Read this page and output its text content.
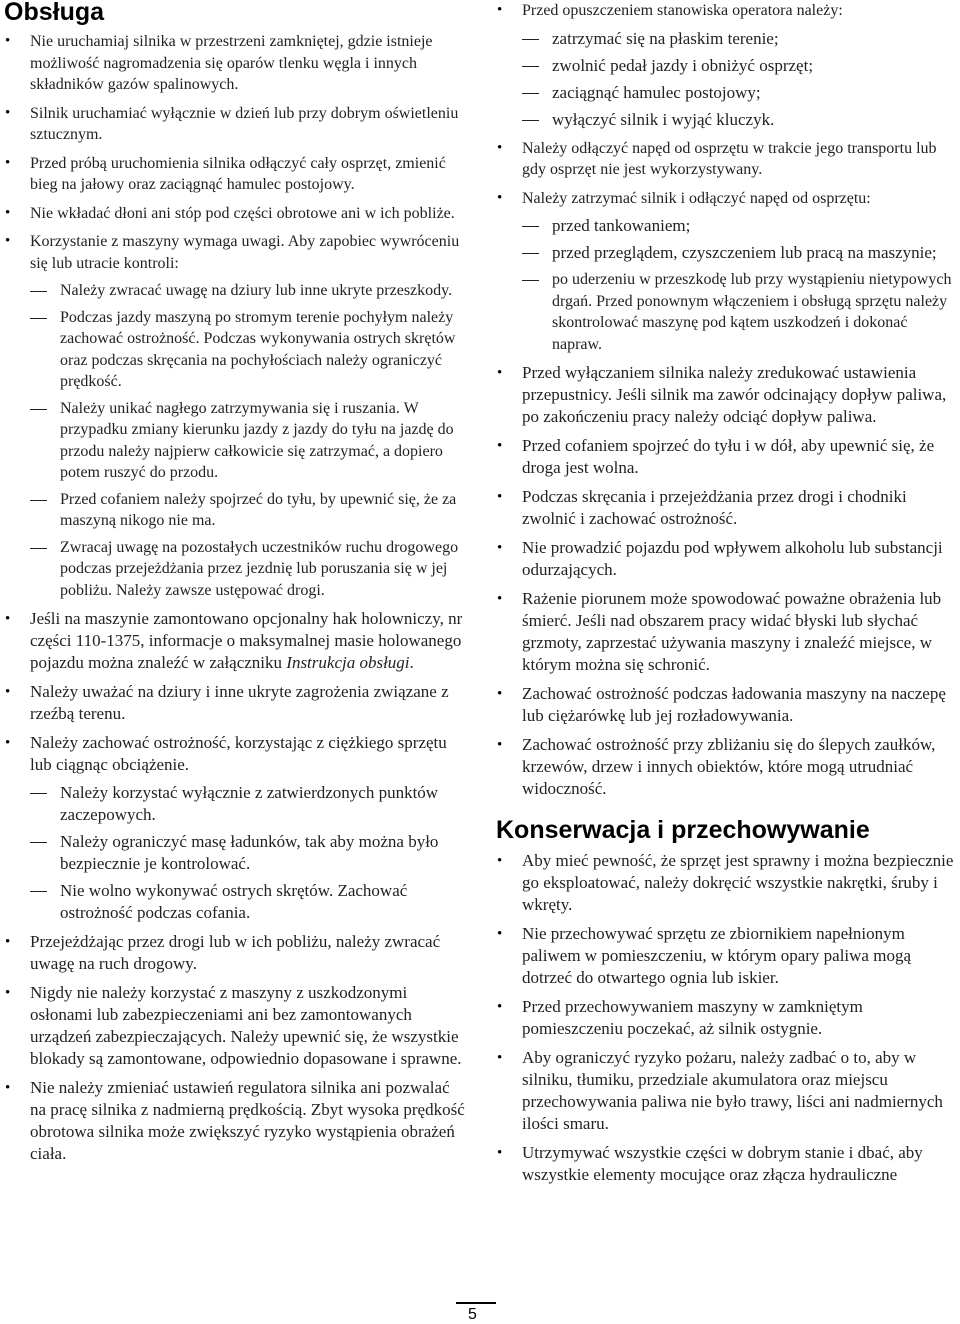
Obsługa
• Nie uruchamiaj silnika w przestrzeni zamkniętej, gdzie istnieje możliwość nagromadzenia się oparów tlenku węgla i innych składników gazów spalinowych.
• Silnik uruchamiać wyłącznie w dzień lub przy dobrym oświetleniu sztucznym.
• Przed próbą uruchomienia silnika odłączyć cały osprzęt, zmienić bieg na jałowy oraz zaciągnąć hamulec postojowy.
• Nie wkładać dłoni ani stóp pod części obrotowe ani w ich pobliże.
• Korzystanie z maszyny wymaga uwagi. Aby zapobiec wywróceniu się lub utracie kontroli:
Należy zwracać uwagę na dziury lub inne ukryte przeszkody.
Podczas jazdy maszyną po stromym terenie pochyłym należy zachować ostrożność. Podczas wykonywania ostrych skrętów oraz podczas skręcania na pochyłościach należy ograniczyć prędkość.
Należy unikać nagłego zatrzymywania się i ruszania. W przypadku zmiany kierunku jazdy z jazdy do tyłu na jazdę do przodu należy najpierw całkowicie się zatrzymać, a dopiero potem ruszyć do przodu.
Przed cofaniem należy spojrzeć do tyłu, by upewnić się, że za maszyną nikogo nie ma.
Zwracaj uwagę na pozostałych uczestników ruchu drogowego podczas przejeżdżania przez jezdnię lub poruszania się w jej pobliżu. Należy zawsze ustępować drogi.
• Jeśli na maszynie zamontowano opcjonalny hak holowniczy, nr części 110-1375, informacje o maksymalnej masie holowanego pojazdu można znaleźć w załączniku Instrukcja obsługi.
• Należy uważać na dziury i inne ukryte zagrożenia związane z rzeźbą terenu.
• Należy zachować ostrożność, korzystając z ciężkiego sprzętu lub ciągnąc obciążenie.
Należy korzystać wyłącznie z zatwierdzonych punktów zaczepowych.
Należy ograniczyć masę ładunków, tak aby można było bezpiecznie je kontrolować.
Nie wolno wykonywać ostrych skrętów. Zachować ostrożność podczas cofania.
• Przejeżdżając przez drogi lub w ich pobliżu, należy zwracać uwagę na ruch drogowy.
• Nigdy nie należy korzystać z maszyny z uszkodzonymi osłonami lub zabezpieczeniami ani bez zamontowanych urządzeń zabezpieczających. Należy upewnić się, że wszystkie blokady są zamontowane, odpowiednio dopasowane i sprawne.
• Nie należy zmieniać ustawień regulatora silnika ani pozwalać na pracę silnika z nadmierną prędkością. Zbyt wysoka prędkość obrotowa silnika może zwiększyć ryzyko wystąpienia obrażeń ciała.
• Przed opuszczeniem stanowiska operatora należy:
zatrzymać się na płaskim terenie;
zwolnić pedał jazdy i obniżyć osprzęt;
zaciągnąć hamulec postojowy;
wyłączyć silnik i wyjąć kluczyk.
• Należy odłączyć napęd od osprzętu w trakcie jego transportu lub gdy osprzęt nie jest wykorzystywany.
• Należy zatrzymać silnik i odłączyć napęd od osprzętu:
przed tankowaniem;
przed przeglądem, czyszczeniem lub pracą na maszynie;
po uderzeniu w przeszkodę lub przy wystąpieniu nietypowych drgań. Przed ponownym włączeniem i obsługą sprzętu należy skontrolować maszynę pod kątem uszkodzeń i dokonać napraw.
• Przed wyłączaniem silnika należy zredukować ustawienia przepustnicy. Jeśli silnik ma zawór odcinający dopływ paliwa, po zakończeniu pracy należy odciąć dopływ paliwa.
• Przed cofaniem spojrzeć do tyłu i w dół, aby upewnić się, że droga jest wolna.
• Podczas skręcania i przejeżdżania przez drogi i chodniki zwolnić i zachować ostrożność.
• Nie prowadzić pojazdu pod wpływem alkoholu lub substancji odurzających.
• Rażenie piorunem może spowodować poważne obrażenia lub śmierć. Jeśli nad obszarem pracy widać błyski lub słychać grzmoty, zaprzestać używania maszyny i znaleźć miejsce, w którym można się schronić.
• Zachować ostrożność podczas ładowania maszyny na naczepę lub ciężarówkę lub jej rozładowywania.
• Zachować ostrożność przy zbliżaniu się do ślepych zaułków, krzewów, drzew i innych obiektów, które mogą utrudniać widoczność.
Konserwacja i przechowywanie
• Aby mieć pewność, że sprzęt jest sprawny i można bezpiecznie go eksploatować, należy dokręcić wszystkie nakrętki, śruby i wkręty.
• Nie przechowywać sprzętu ze zbiornikiem napełnionym paliwem w pomieszczeniu, w którym opary paliwa mogą dotrzeć do otwartego ognia lub iskier.
• Przed przechowywaniem maszyny w zamkniętym pomieszczeniu poczekać, aż silnik ostygnie.
• Aby ograniczyć ryzyko pożaru, należy zadbać o to, aby w silniku, tłumiku, przedziale akumulatora oraz miejscu przechowywania paliwa nie było trawy, liści ani nadmiernych ilości smaru.
• Utrzymywać wszystkie części w dobrym stanie i dbać, aby wszystkie elementy mocujące oraz złącza hydrauliczne
5
